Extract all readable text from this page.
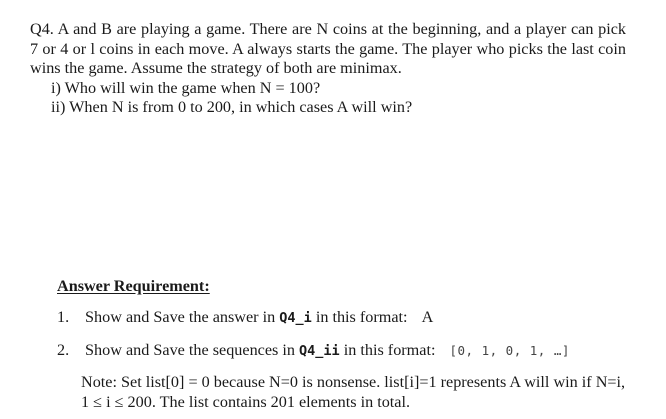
Q4. A and B are playing a game. There are N coins at the beginning, and a player can pick 7 or 4 or l coins in each move. A always starts the game. The player who picks the last coin wins the game. Assume the strategy of both are minimax.

i) Who will win the game when N = 100?
ii) When N is from 0 to 200, in which cases A will win?
Answer Requirement:
1. Show and Save the answer in Q4_i in this format: A
2. Show and Save the sequences in Q4_ii in this format: [0, 1, 0, 1, …]
Note: Set list[0] = 0 because N=0 is nonsense. list[i]=1 represents A will win if N=i, 1 ≤ i ≤ 200. The list contains 201 elements in total.
